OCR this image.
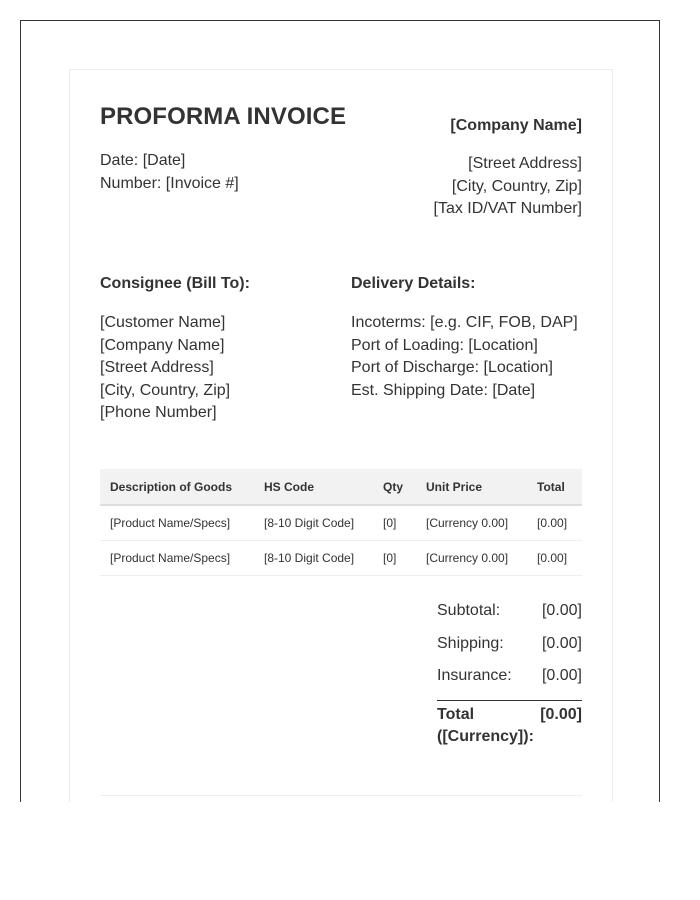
PROFORMA INVOICE
Date: [Date]
Number: [Invoice #]
[Company Name]
[Street Address]
[City, Country, Zip]
[Tax ID/VAT Number]
Consignee (Bill To):
[Customer Name]
[Company Name]
[Street Address]
[City, Country, Zip]
[Phone Number]
Delivery Details:
Incoterms: [e.g. CIF, FOB, DAP]
Port of Loading: [Location]
Port of Discharge: [Location]
Est. Shipping Date: [Date]
Description of Goods	HS Code	Qty	Unit Price	Total
[Product Name/Specs]	[8-10 Digit Code]	[0]	[Currency 0.00]	[0.00]
[Product Name/Specs]	[8-10 Digit Code]	[0]	[Currency 0.00]	[0.00]
Subtotal:	[0.00]
Shipping: [0.00]
Insurance: [0.00]
Total ([Currency]):
[0.00]
